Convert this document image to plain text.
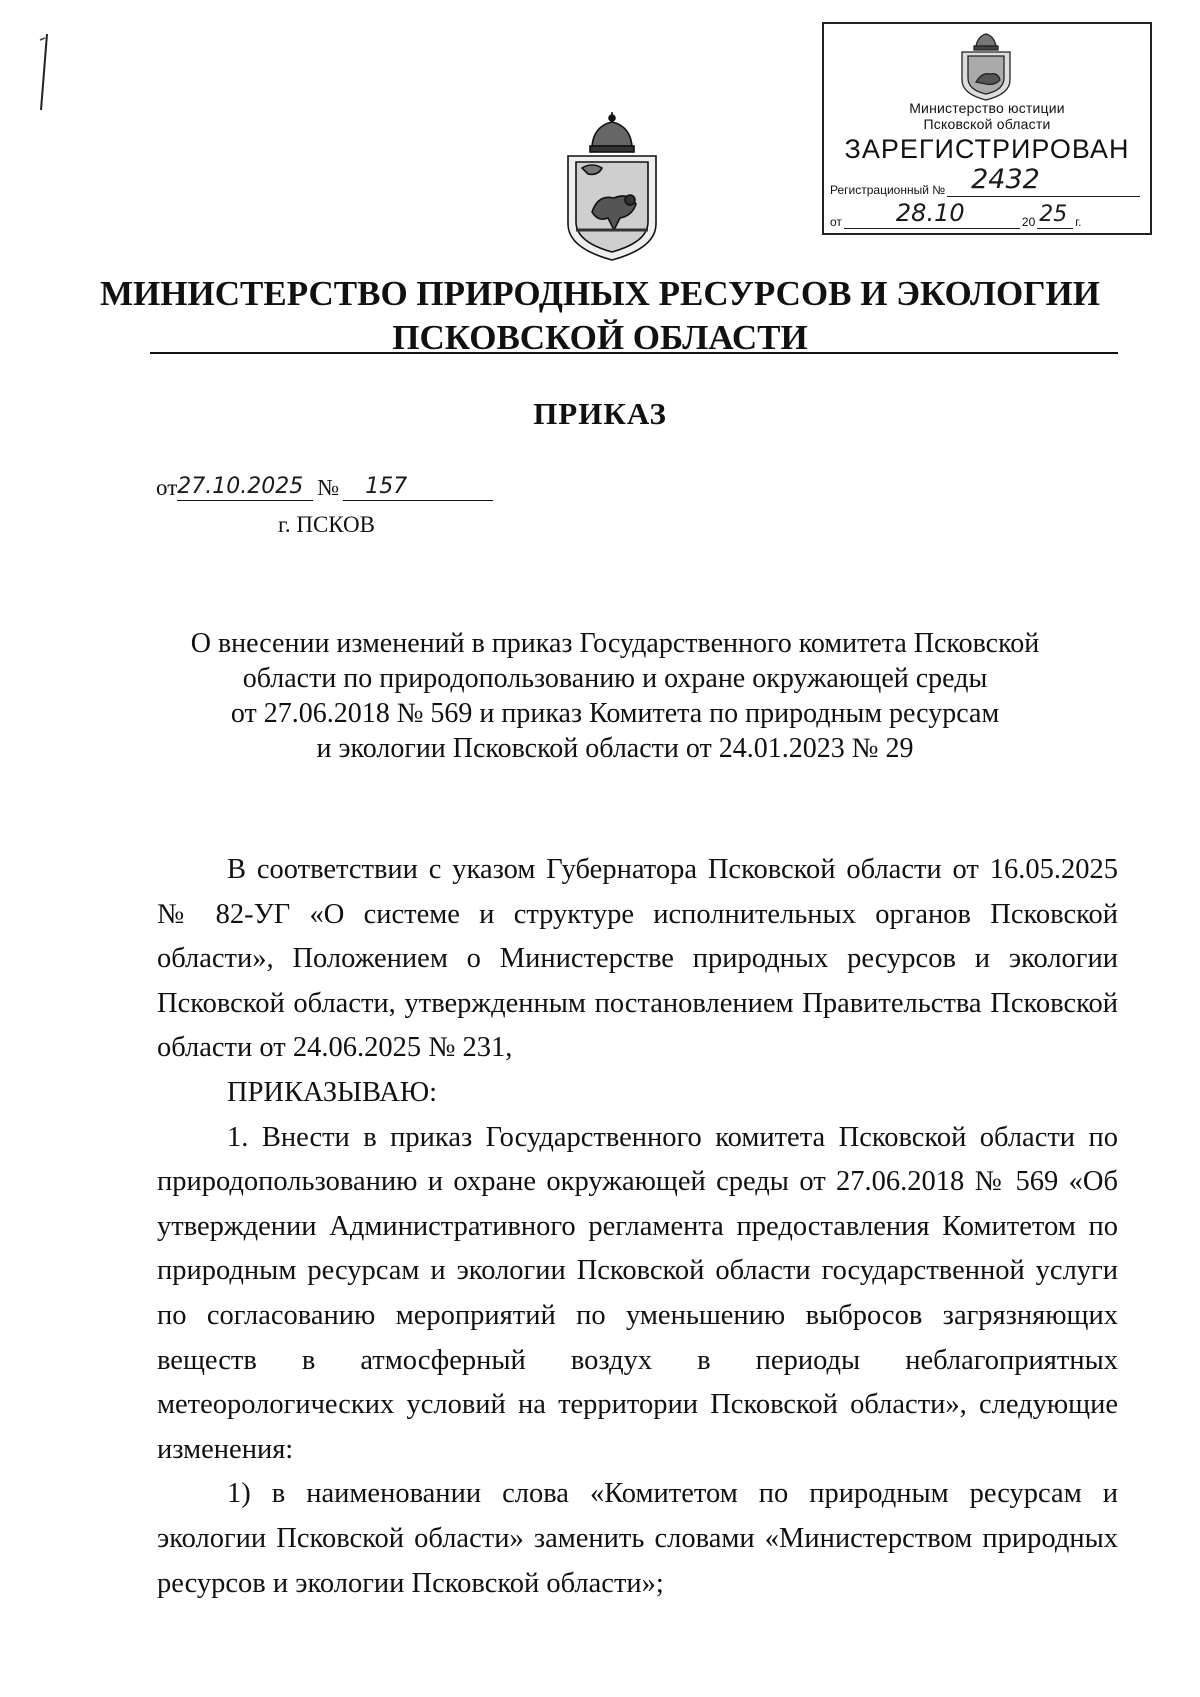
Министерство юстиции
Псковской области
ЗАРЕГИСТРИРОВАН
Регистрационный № 2432
от 28.10	20 25 г.
МИНИСТЕРСТВО ПРИРОДНЫХ РЕСУРСОВ И ЭКОЛОГИИ
ПСКОВСКОЙ ОБЛАСТИ
ПРИКАЗ
от 27.10.2025 № 157
г. ПСКОВ
О внесении изменений в приказ Государственного комитета Псковской
области по природопользованию и охране окружающей среды
от 27.06.2018 № 569 и приказ Комитета по природным ресурсам
и экологии Псковской области от 24.01.2023 № 29

В соответствии с указом Губернатора Псковской области от 16.05.2025 № 82-УГ «О системе и структуре исполнительных органов Псковской области», Положением о Министерстве природных ресурсов и экологии Псковской области, утвержденным постановлением Правительства Псковской области от 24.06.2025 № 231,

ПРИКАЗЫВАЮ:

1. Внести в приказ Государственного комитета Псковской области по природопользованию и охране окружающей среды от 27.06.2018 № 569 «Об утверждении Административного регламента предоставления Комитетом по природным ресурсам и экологии Псковской области государственной услуги по согласованию мероприятий по уменьшению выбросов загрязняющих веществ в атмосферный воздух в периоды неблагоприятных метеорологических условий на территории Псковской области», следующие изменения:

1) в наименовании слова «Комитетом по природным ресурсам и экологии Псковской области» заменить словами «Министерством природных ресурсов и экологии Псковской области»;
